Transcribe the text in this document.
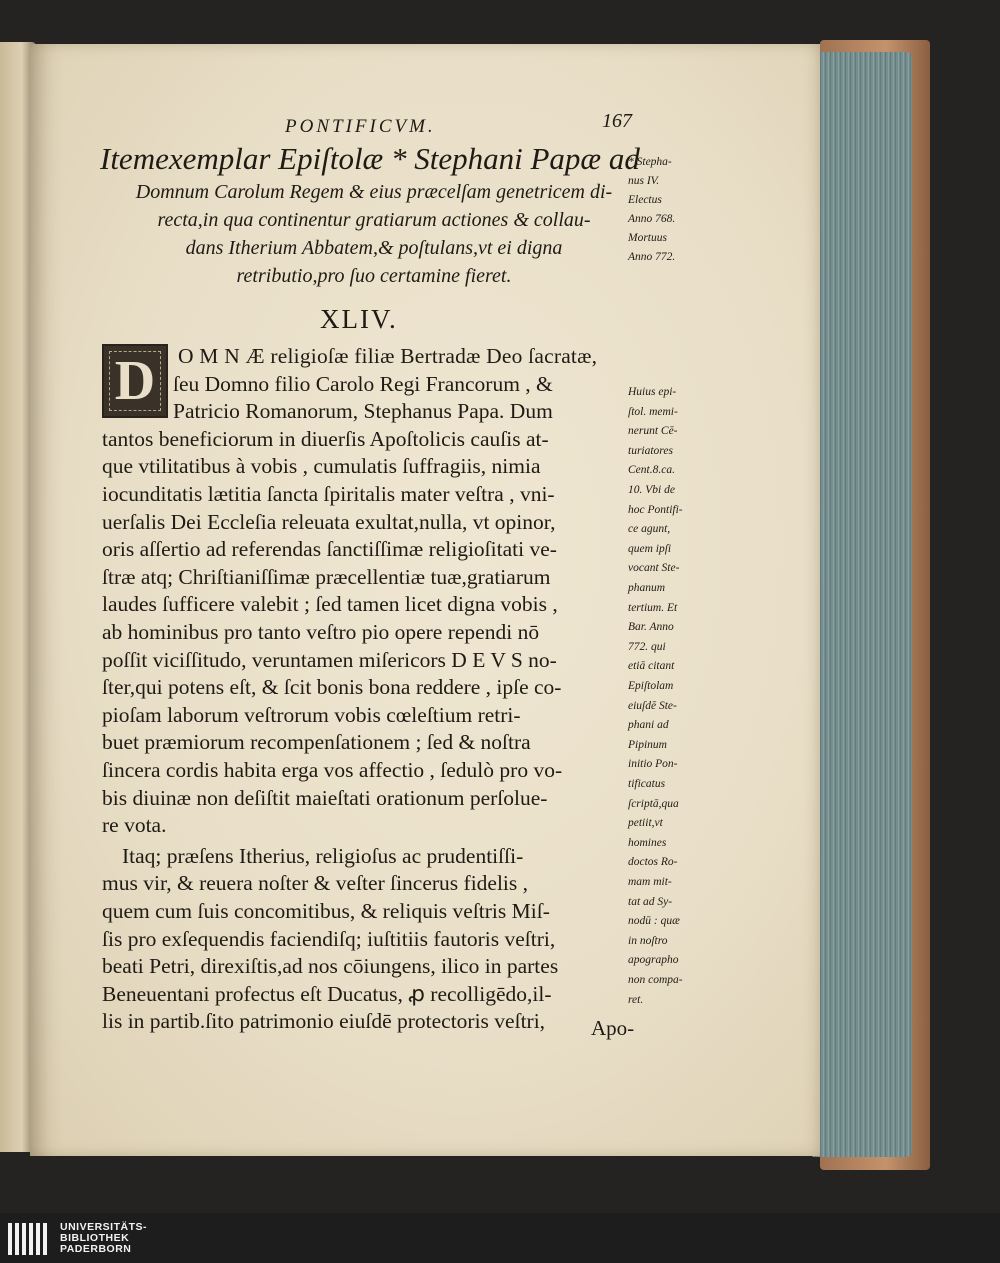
PONTIFICVM.	167
Itemexemplar Epiſtolæ * Stephani Papæ ad
Domnum Carolum Regem & eius præcelſam genetricem di-
recta,in qua continentur gratiarum actiones & collau-
dans Itherium Abbatem,& poſtulans,vt ei digna
retributio,pro ſuo certamine fieret.
XLIV.
D O M N Æ religioſæ filiæ Bertradæ Deo ſacratæ,
ſeu Domno filio Carolo Regi Francorum , &
Patricio Romanorum, Stephanus Papa. Dum
tantos beneficiorum in diuerſis Apoſtolicis cauſis at-
que vtilitatibus à vobis , cumulatis ſuffragiis, nimia
iocunditatis lætitia ſancta ſpiritalis mater veſtra , vni-
uerſalis Dei Eccleſia releuata exultat,nulla, vt opinor,
oris aſſertio ad referendas ſanctiſſimæ religioſitati ve-
ſtræ atq; Chriſtianiſſimæ præcellentiæ tuæ,gratiarum
laudes ſufficere valebit ; ſed tamen licet digna vobis ,
ab hominibus pro tanto veſtro pio opere rependi nō
poſſit viciſſitudo, veruntamen miſericors D E V S no-
ſter,qui potens eſt, & ſcit bonis bona reddere , ipſe co-
pioſam laborum veſtrorum vobis cœleſtium retri-
buet præmiorum recompenſationem ; ſed & noſtra
ſincera cordis habita erga vos affectio , ſedulò pro vo-
bis diuinæ non deſiſtit maieſtati orationum perſolue-
re vota.
Itaq; præſens Itherius, religioſus ac prudentiſſi-
mus vir, & reuera noſter & veſter ſincerus fidelis ,
quem cum ſuis concomitibus, & reliquis veſtris Miſ-
ſis pro exſequendis faciendiſq; iuſtitiis fautoris veſtri,
beati Petri, direxiſtis,ad nos cōiungens, ilico in partes
Beneuentani profectus eſt Ducatus, ꝓ recolligēdo,il-
lis in partib.ſito patrimonio eiuſdē protectoris veſtri,
* Stepha-
nus IV.
Electus
Anno 768.
Mortuus
Anno 772.
Huius epi-
ſtol. memi-
nerunt Cē-
turiatores
Cent.8.ca.
10. Vbi de
hoc Pontifi-
ce agunt,
quem ipſi
vocant Ste-
phanum
tertium. Et
Bar. Anno
772. qui
etiā citant
Epiſtolam
eiuſdē Ste-
phani ad
Pipinum
initio Pon-
tificatus
ſcriptā,qua
petiit,vt
homines
doctos Ro-
mam mit-
tat ad Sy-
nodū : quæ
in noſtro
apographo
non compa-
ret.
Apo-
UNIVERSITÄTS-
BIBLIOTHEK
PADERBORN
